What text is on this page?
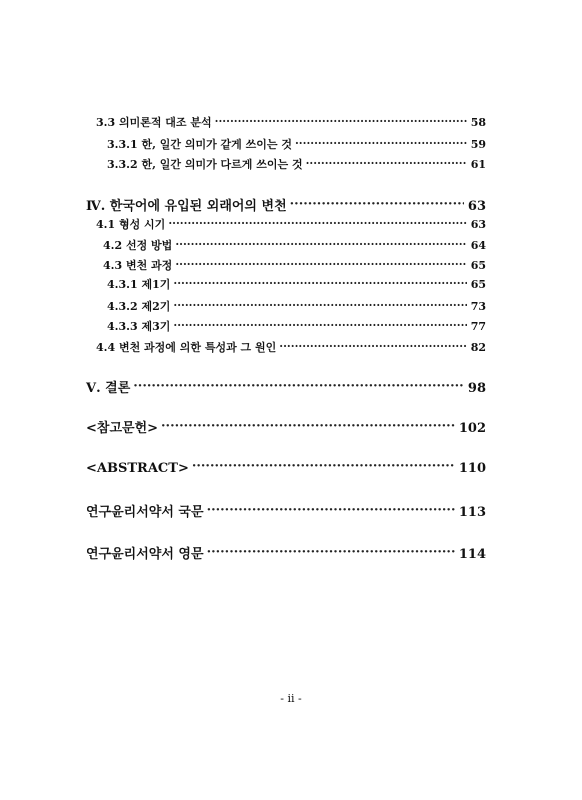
3.3 의미론적 대조 분석 ·····	58
3.3.1 한, 일간 의미가 같게 쓰이는 것 ·····	59
3.3.2 한, 일간 의미가 다르게 쓰이는 것 ·····	61
Ⅳ. 한국어에 유입된 외래어의 변천 ·····	63
4.1 형성 시기 ·····	63
4.2 선정 방법 ·····	64
4.3 변천 과정 ·····	65
4.3.1 제1기 ·····	65
4.3.2 제2기 ·····	73
4.3.3 제3기 ·····	77
4.4 변천 과정에 의한 특성과 그 원인 ·····	82
Ⅴ. 결론 ·····	98
<참고문헌> ·····	102
<ABSTRACT> ·····	110
연구윤리서약서 국문 ·····	113
연구윤리서약서 영문 ·····	114
- ii -
